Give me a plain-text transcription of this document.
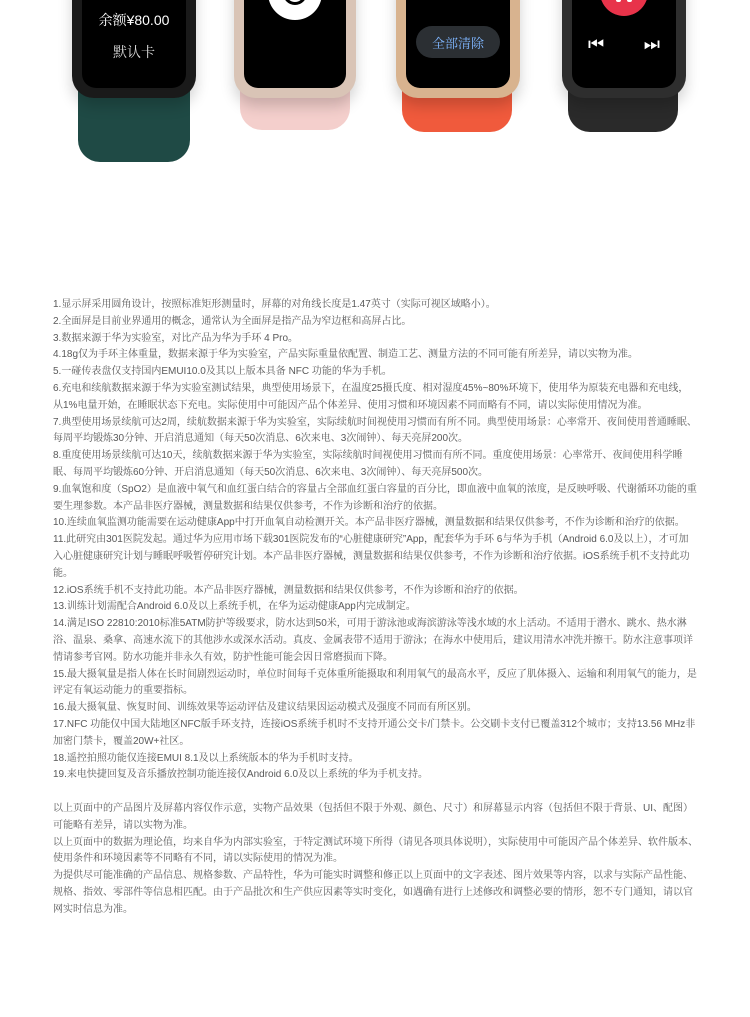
余额¥80.00
默认卡
全部清除	⏮ ⏭

1.显示屏采用圆角设计，按照标准矩形测量时，屏幕的对角线长度是1.47英寸（实际可视区域略小）。

2.全面屏是目前业界通用的概念，通常认为全面屏是指产品为窄边框和高屏占比。

3.数据来源于华为实验室，对比产品为华为手环 4 Pro。

4.18g仅为手环主体重量，数据来源于华为实验室，产品实际重量依配置、制造工艺、测量方法的不同可能有所差异，请以实物为准。

5.一碰传表盘仅支持国内EMUI10.0及其以上版本具备 NFC 功能的华为手机。

6.充电和续航数据来源于华为实验室测试结果，典型使用场景下，在温度25摄氏度、相对湿度45%~80%环境下，使用华为原装充电器和充电线，从1%电量开始，在睡眠状态下充电。实际使用中可能因产品个体差异、使用习惯和环境因素不同而略有不同，请以实际使用情况为准。

7.典型使用场景续航可达2周，续航数据来源于华为实验室，实际续航时间视使用习惯而有所不同。典型使用场景：心率常开、夜间使用普通睡眠、每周平均锻炼30分钟、开启消息通知（每天50次消息、6次来电、3次闹钟）、每天亮屏200次。

8.重度使用场景续航可达10天，续航数据来源于华为实验室，实际续航时间视使用习惯而有所不同。重度使用场景：心率常开、夜间使用科学睡眠、每周平均锻炼60分钟、开启消息通知（每天50次消息、6次来电、3次闹钟）、每天亮屏500次。

9.血氧饱和度（SpO2）是血液中氧气和血红蛋白结合的容量占全部血红蛋白容量的百分比，即血液中血氧的浓度，是反映呼吸、代谢循环功能的重要生理参数。本产品非医疗器械，测量数据和结果仅供参考，不作为诊断和治疗的依据。

10.连续血氧监测功能需要在运动健康App中打开血氧自动检测开关。本产品非医疗器械，测量数据和结果仅供参考，不作为诊断和治疗的依据。

11.此研究由301医院发起。通过华为应用市场下载301医院发布的“心脏健康研究”App，配套华为手环 6与华为手机（Android 6.0及以上），才可加入心脏健康研究计划与睡眠呼吸暂停研究计划。本产品非医疗器械，测量数据和结果仅供参考，不作为诊断和治疗依据。iOS系统手机不支持此功能。

12.iOS系统手机不支持此功能。本产品非医疗器械，测量数据和结果仅供参考，不作为诊断和治疗的依据。

13.训练计划需配合Android 6.0及以上系统手机，在华为运动健康App内完成制定。

14.满足ISO 22810:2010标准5ATM防护等级要求，防水达到50米，可用于游泳池或海滨游泳等浅水域的水上活动。不适用于潜水、跳水、热水淋浴、温泉、桑拿、高速水流下的其他涉水或深水活动。真皮、金属表带不适用于游泳；在海水中使用后，建议用清水冲洗并擦干。防水注意事项详情请参考官网。防水功能并非永久有效，防护性能可能会因日常磨损而下降。

15.最大摄氧量是指人体在长时间剧烈运动时，单位时间每千克体重所能摄取和利用氧气的最高水平，反应了肌体摄入、运输和利用氧气的能力，是评定有氧运动能力的重要指标。

16.最大摄氧量、恢复时间、训练效果等运动评估及建议结果因运动模式及强度不同而有所区别。

17.NFC 功能仅中国大陆地区NFC版手环支持，连接iOS系统手机时不支持开通公交卡/门禁卡。公交刷卡支付已覆盖312个城市；支持13.56 MHz非加密门禁卡，覆盖20W+社区。

18.遥控拍照功能仅连接EMUI 8.1及以上系统版本的华为手机时支持。

19.来电快捷回复及音乐播放控制功能连接仅Android 6.0及以上系统的华为手机支持。

以上页面中的产品图片及屏幕内容仅作示意，实物产品效果（包括但不限于外观、颜色、尺寸）和屏幕显示内容（包括但不限于背景、UI、配图）可能略有差异，请以实物为准。

以上页面中的数据为理论值，均来自华为内部实验室，于特定测试环境下所得（请见各项具体说明），实际使用中可能因产品个体差异、软件版本、使用条件和环境因素等不同略有不同，请以实际使用的情况为准。

为提供尽可能准确的产品信息、规格参数、产品特性，华为可能实时调整和修正以上页面中的文字表述、图片效果等内容，以求与实际产品性能、规格、指效、零部件等信息相匹配。由于产品批次和生产供应因素等实时变化，如遇确有进行上述修改和调整必要的情形，恕不专门通知，请以官网实时信息为准。
